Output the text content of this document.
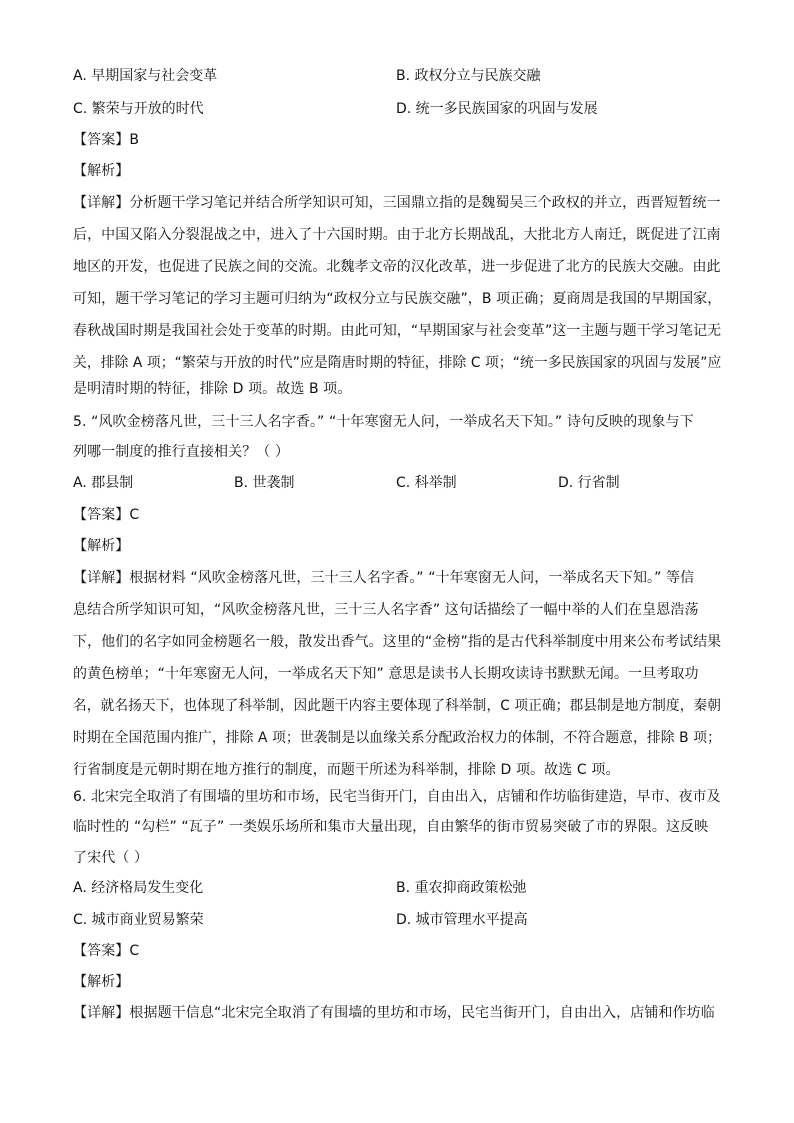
A. 早期国家与社会变革	B. 政权分立与民族交融
C. 繁荣与开放的时代	D. 统一多民族国家的巩固与发展
【答案】B
【解析】
【详解】分析题干学习笔记并结合所学知识可知，三国鼎立指的是魏蜀吴三个政权的并立，西晋短暂统一
后，中国又陷入分裂混战之中，进入了十六国时期。由于北方长期战乱，大批北方人南迁，既促进了江南
地区的开发，也促进了民族之间的交流。北魏孝文帝的汉化改革，进一步促进了北方的民族大交融。由此
可知，题干学习笔记的学习主题可归纳为“政权分立与民族交融”，B 项正确；夏商周是我国的早期国家，
春秋战国时期是我国社会处于变革的时期。由此可知，“早期国家与社会变革”这一主题与题干学习笔记无
关，排除 A 项；“繁荣与开放的时代”应是隋唐时期的特征，排除 C 项；“统一多民族国家的巩固与发展”应
是明清时期的特征，排除 D 项。故选 B 项。
5. “风吹金榜落凡世，三十三人名字香。” “十年寒窗无人问，一举成名天下知。” 诗句反映的现象与下
列哪一制度的推行直接相关？（ ）
A. 郡县制	B. 世袭制	C. 科举制	D. 行省制
【答案】C
【解析】
【详解】根据材料 “风吹金榜落凡世，三十三人名字香。” “十年寒窗无人问，一举成名天下知。” 等信
息结合所学知识可知，“风吹金榜落凡世，三十三人名字香” 这句话描绘了一幅中举的人们在皇恩浩荡
下，他们的名字如同金榜题名一般，散发出香气。这里的“金榜”指的是古代科举制度中用来公布考试结果
的黄色榜单；“十年寒窗无人问，一举成名天下知” 意思是读书人长期攻读诗书默默无闻。一旦考取功
名，就名扬天下，也体现了科举制，因此题干内容主要体现了科举制，C 项正确；郡县制是地方制度，秦朝
时期在全国范围内推广，排除 A 项；世袭制是以血缘关系分配政治权力的体制，不符合题意，排除 B 项；
行省制度是元朝时期在地方推行的制度，而题干所述为科举制，排除 D 项。故选 C 项。
6. 北宋完全取消了有围墙的里坊和市场，民宅当街开门，自由出入，店铺和作坊临街建造，早市、夜市及
临时性的 “勾栏” “瓦子” 一类娱乐场所和集市大量出现，自由繁华的街市贸易突破了市的界限。这反映
了宋代（ ）
A. 经济格局发生变化	B. 重农抑商政策松弛
C. 城市商业贸易繁荣	D. 城市管理水平提高
【答案】C
【解析】
【详解】根据题干信息“北宋完全取消了有围墙的里坊和市场，民宅当街开门，自由出入，店铺和作坊临
